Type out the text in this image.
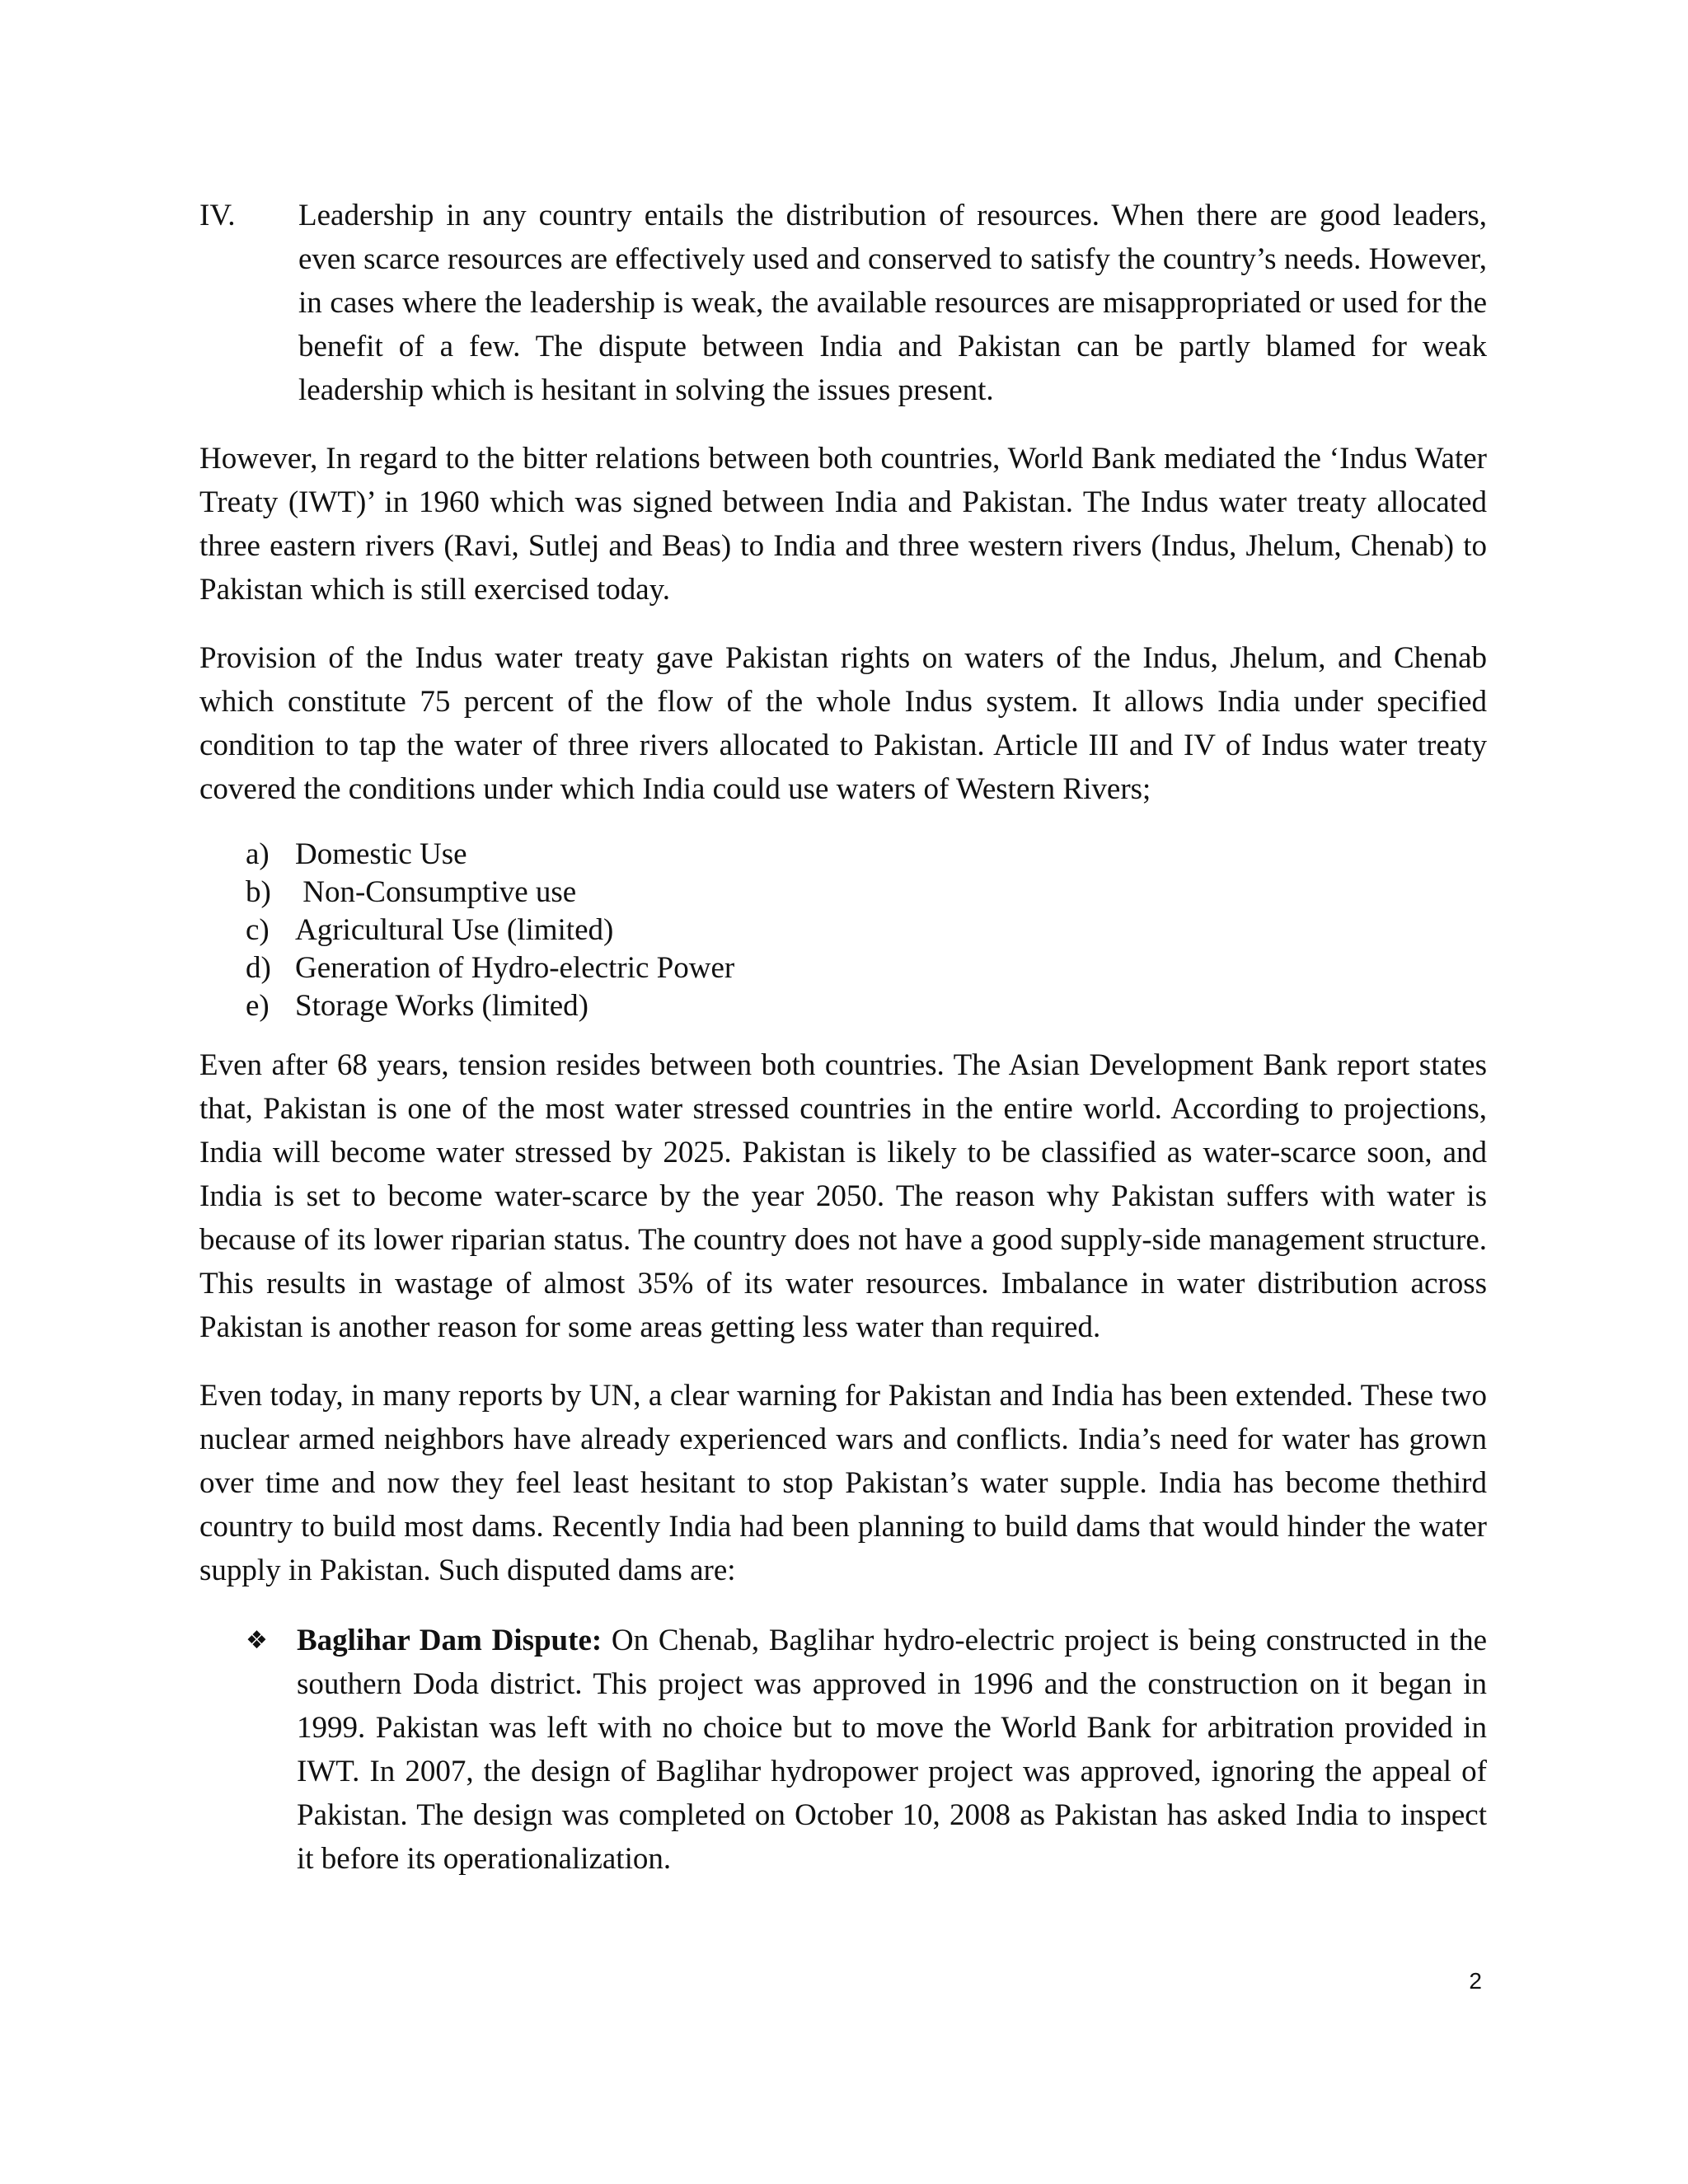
IV.	Leadership in any country entails the distribution of resources. When there are good leaders, even scarce resources are effectively used and conserved to satisfy the country’s needs. However, in cases where the leadership is weak, the available resources are misappropriated or used for the benefit of a few. The dispute between India and Pakistan can be partly blamed for weak leadership which is hesitant in solving the issues present.

However, In regard to the bitter relations between both countries, World Bank mediated the ‘Indus Water Treaty (IWT)’ in 1960 which was signed between India and Pakistan. The Indus water treaty allocated three eastern rivers (Ravi, Sutlej and Beas) to India and three western rivers (Indus, Jhelum, Chenab) to Pakistan which is still exercised today.

Provision of the Indus water treaty gave Pakistan rights on waters of the Indus, Jhelum, and Chenab which constitute 75 percent of the flow of the whole Indus system. It allows India under specified condition to tap the water of three rivers allocated to Pakistan. Article III and IV of Indus water treaty covered the conditions under which India could use waters of Western Rivers;

a) Domestic Use
b) Non-Consumptive use
c) Agricultural Use (limited)
d) Generation of Hydro-electric Power
e) Storage Works (limited)

Even after 68 years, tension resides between both countries. The Asian Development Bank report states that, Pakistan is one of the most water stressed countries in the entire world. According to projections, India will become water stressed by 2025. Pakistan is likely to be classified as water-scarce soon, and India is set to become water-scarce by the year 2050. The reason why Pakistan suffers with water is because of its lower riparian status. The country does not have a good supply-side management structure. This results in wastage of almost 35% of its water resources. Imbalance in water distribution across Pakistan is another reason for some areas getting less water than required.

Even today, in many reports by UN, a clear warning for Pakistan and India has been extended. These two nuclear armed neighbors have already experienced wars and conflicts. India’s need for water has grown over time and now they feel least hesitant to stop Pakistan’s water supple. India has become thethird country to build most dams. Recently India had been planning to build dams that would hinder the water supply in Pakistan. Such disputed dams are:

❖ Baglihar Dam Dispute: On Chenab, Baglihar hydro-electric project is being constructed in the southern Doda district. This project was approved in 1996 and the construction on it began in 1999. Pakistan was left with no choice but to move the World Bank for arbitration provided in IWT. In 2007, the design of Baglihar hydropower project was approved, ignoring the appeal of Pakistan. The design was completed on October 10, 2008 as Pakistan has asked India to inspect it before its operationalization.
2
